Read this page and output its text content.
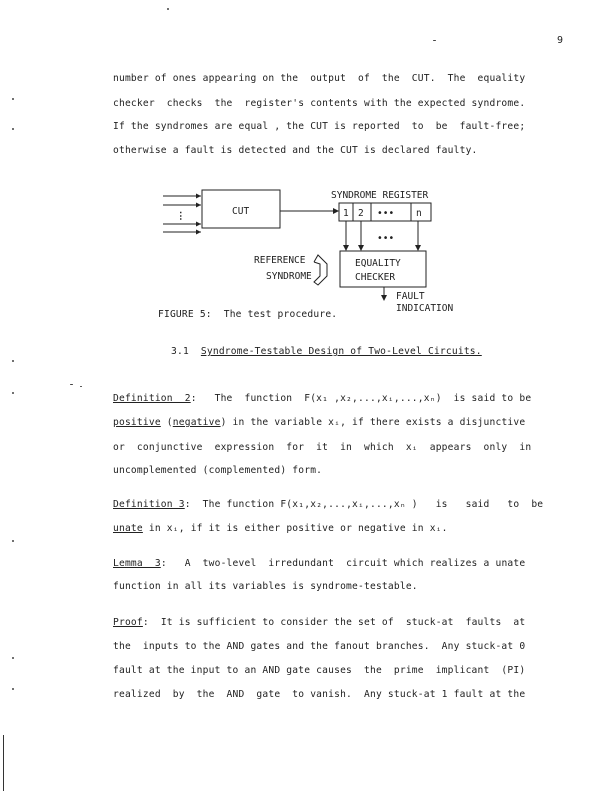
9
number of ones appearing on the  output  of  the  CUT.  The  equality
checker  checks  the  register's contents with the expected syndrome.
If the syndromes are equal , the CUT is reported  to  be  fault-free;
otherwise a fault is detected and the CUT is declared faulty.
⋮	CUT
SYNDROME REGISTER
1 2 ••• n
•••
EQUALITY
CHECKER
REFERENCE
SYNDROME
FAULT
INDICATION
FIGURE 5:  The test procedure.
3.1 Syndrome-Testable Design of Two-Level Circuits.
Definition  2:   The  function  F(x₁ ,x₂,...,xᵢ,...,xₙ)  is said to be
positive (negative) in the variable xᵢ, if there exists a disjunctive
or  conjunctive  expression  for  it  in  which  xᵢ  appears  only  in
uncomplemented (complemented) form.
Definition 3:  The function F(x₁,x₂,...,xᵢ,...,xₙ )   is   said   to  be
unate in xᵢ, if it is either positive or negative in xᵢ.
Lemma  3:   A  two-level  irredundant  circuit which realizes a unate
function in all its variables is syndrome-testable.
Proof:  It is sufficient to consider the set of  stuck-at  faults  at
the  inputs to the AND gates and the fanout branches.  Any stuck-at 0
fault at the input to an AND gate causes  the  prime  implicant  (PI)
realized  by  the  AND  gate  to vanish.  Any stuck-at 1 fault at the
